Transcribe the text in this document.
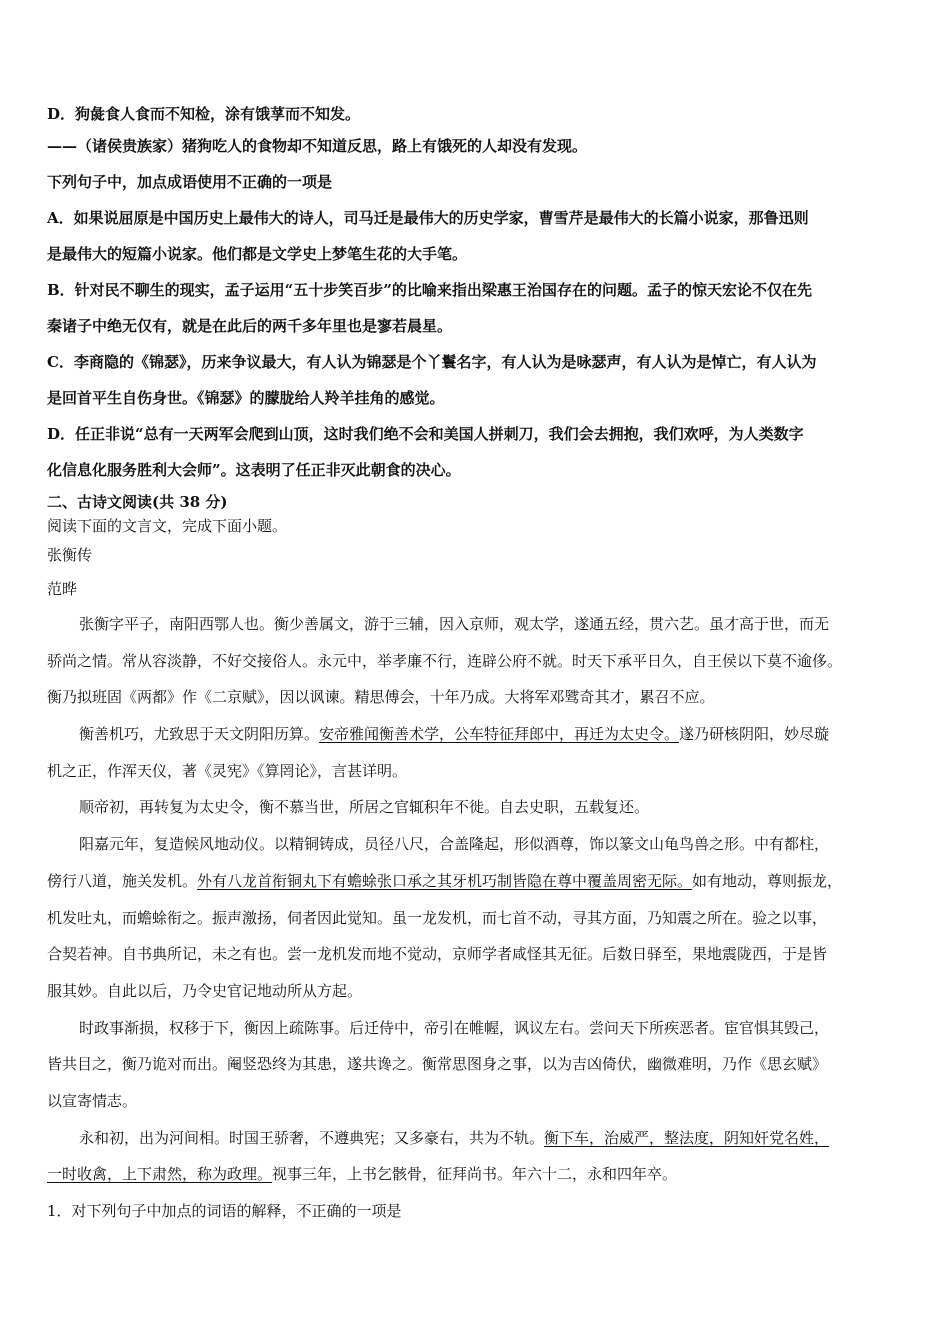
D．狗彘食人食而不知检，涂有饿莩而不知发。
——（诸侯贵族家）猪狗吃人的食物却不知道反思，路上有饿死的人却没有发现。
下列句子中，加点成语使用不正确的一项是
A．如果说屈原是中国历史上最伟大的诗人，司马迁是最伟大的历史学家，曹雪芹是最伟大的长篇小说家，那鲁迅则
是最伟大的短篇小说家。他们都是文学史上梦笔生花的大手笔。
B．针对民不聊生的现实，孟子运用“五十步笑百步”的比喻来指出梁惠王治国存在的问题。孟子的惊天宏论不仅在先
秦诸子中绝无仅有，就是在此后的两千多年里也是寥若晨星。
C．李商隐的《锦瑟》，历来争议最大，有人认为锦瑟是个丫鬟名字，有人认为是咏瑟声，有人认为是悼亡，有人认为
是回首平生自伤身世。《锦瑟》的朦胧给人羚羊挂角的感觉。
D．任正非说“总有一天两军会爬到山顶，这时我们绝不会和美国人拼刺刀，我们会去拥抱，我们欢呼，为人类数字
化信息化服务胜利大会师”。这表明了任正非灭此朝食的决心。
二、古诗文阅读(共 38 分)
阅读下面的文言文，完成下面小题。
张衡传
范晔
张衡字平子，南阳西鄂人也。衡少善属文，游于三辅，因入京师，观太学，遂通五经，贯六艺。虽才高于世，而无
骄尚之情。常从容淡静，不好交接俗人。永元中，举孝廉不行，连辟公府不就。时天下承平日久，自王侯以下莫不逾侈。
衡乃拟班固《两都》作《二京赋》，因以讽谏。精思傅会，十年乃成。大将军邓骘奇其才，累召不应。
衡善机巧，尤致思于天文阴阳历算。安帝雅闻衡善术学，公车特征拜郎中，再迁为太史令。遂乃研核阴阳，妙尽璇
机之正，作浑天仪，著《灵宪》《算罔论》，言甚详明。
顺帝初，再转复为太史令，衡不慕当世，所居之官辄积年不徙。自去史职，五载复还。
阳嘉元年，复造候风地动仪。以精铜铸成，员径八尺，合盖隆起，形似酒尊，饰以篆文山龟鸟兽之形。中有都柱，
傍行八道，施关发机。外有八龙首衔铜丸下有蟾蜍张口承之其牙机巧制皆隐在尊中覆盖周密无际。如有地动，尊则振龙，
机发吐丸，而蟾蜍衔之。振声激扬，伺者因此觉知。虽一龙发机，而七首不动，寻其方面，乃知震之所在。验之以事，
合契若神。自书典所记，未之有也。尝一龙机发而地不觉动，京师学者咸怪其无征。后数日驿至，果地震陇西，于是皆
服其妙。自此以后，乃令史官记地动所从方起。
时政事渐损，权移于下，衡因上疏陈事。后迁侍中，帝引在帷幄，讽议左右。尝问天下所疾恶者。宦官惧其毁己，
皆共目之，衡乃诡对而出。阉竖恐终为其患，遂共谗之。衡常思图身之事，以为吉凶倚伏，幽微难明，乃作《思玄赋》
以宣寄情志。
永和初，出为河间相。时国王骄奢，不遵典宪；又多豪右，共为不轨。衡下车，治威严，整法度，阴知奸党名姓，
一时收禽，上下肃然，称为政理。视事三年，上书乞骸骨，征拜尚书。年六十二，永和四年卒。
1．对下列句子中加点的词语的解释，不正确的一项是
